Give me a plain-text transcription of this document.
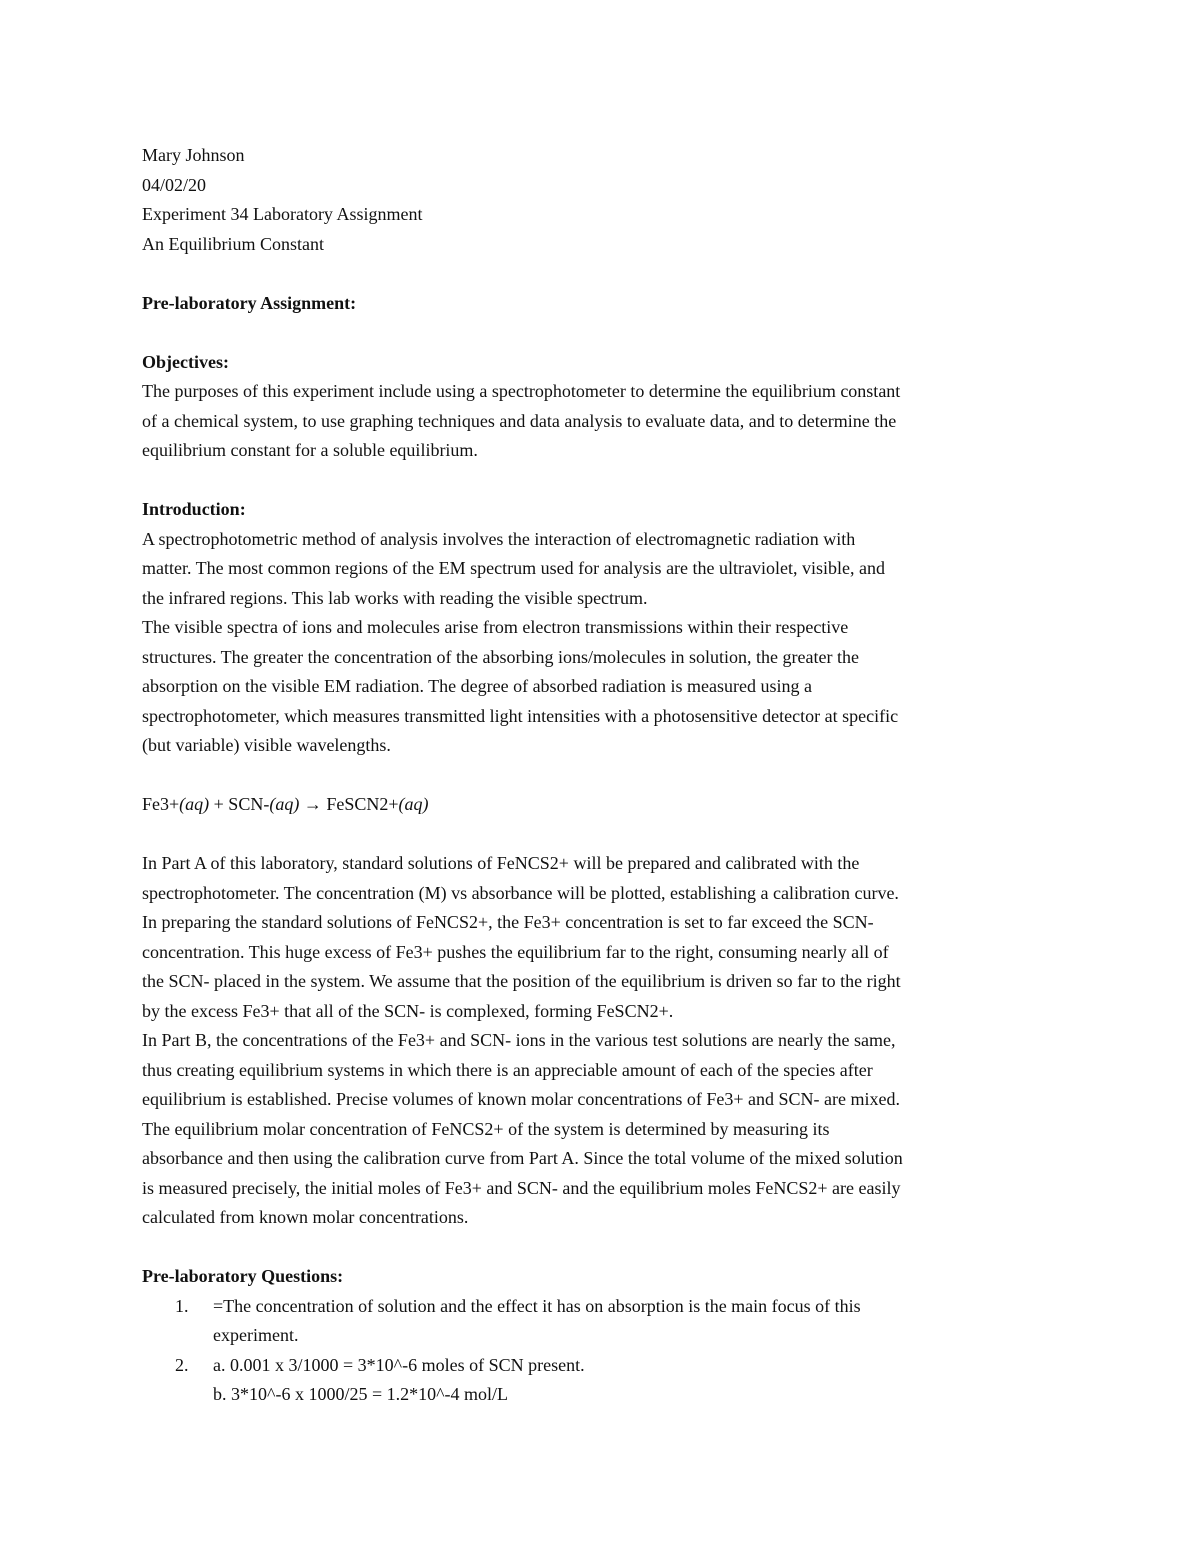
Mary Johnson
04/02/20
Experiment 34 Laboratory Assignment
An Equilibrium Constant
Pre-laboratory Assignment:
Objectives:
The purposes of this experiment include using a spectrophotometer to determine the equilibrium constant
of a chemical system, to use graphing techniques and data analysis to evaluate data, and to determine the
equilibrium constant for a soluble equilibrium.
Introduction:
A spectrophotometric method of analysis involves the interaction of electromagnetic radiation with
matter. The most common regions of the EM spectrum used for analysis are the ultraviolet, visible, and
the infrared regions. This lab works with reading the visible spectrum.
The visible spectra of ions and molecules arise from electron transmissions within their respective
structures. The greater the concentration of the absorbing ions/molecules in solution, the greater the
absorption on the visible EM radiation. The degree of absorbed radiation is measured using a
spectrophotometer, which measures transmitted light intensities with a photosensitive detector at specific
(but variable) visible wavelengths.
Fe3+(aq) + SCN-(aq) → FeSCN2+(aq)
In Part A of this laboratory, standard solutions of FeNCS2+ will be prepared and calibrated with the
spectrophotometer. The concentration (M) vs absorbance will be plotted, establishing a calibration curve.
In preparing the standard solutions of FeNCS2+, the Fe3+ concentration is set to far exceed the SCN-
concentration. This huge excess of Fe3+ pushes the equilibrium far to the right, consuming nearly all of
the SCN- placed in the system. We assume that the position of the equilibrium is driven so far to the right
by the excess Fe3+ that all of the SCN- is complexed, forming FeSCN2+.
In Part B, the concentrations of the Fe3+ and SCN- ions in the various test solutions are nearly the same,
thus creating equilibrium systems in which there is an appreciable amount of each of the species after
equilibrium is established. Precise volumes of known molar concentrations of Fe3+ and SCN- are mixed.
The equilibrium molar concentration of FeNCS2+ of the system is determined by measuring its
absorbance and then using the calibration curve from Part A. Since the total volume of the mixed solution
is measured precisely, the initial moles of Fe3+ and SCN- and the equilibrium moles FeNCS2+ are easily
calculated from known molar concentrations.
Pre-laboratory Questions:
1. =The concentration of solution and the effect it has on absorption is the main focus of this
experiment.
2. a. 0.001 x 3/1000 = 3*10^-6 moles of SCN present.
b. 3*10^-6 x 1000/25 = 1.2*10^-4 mol/L
